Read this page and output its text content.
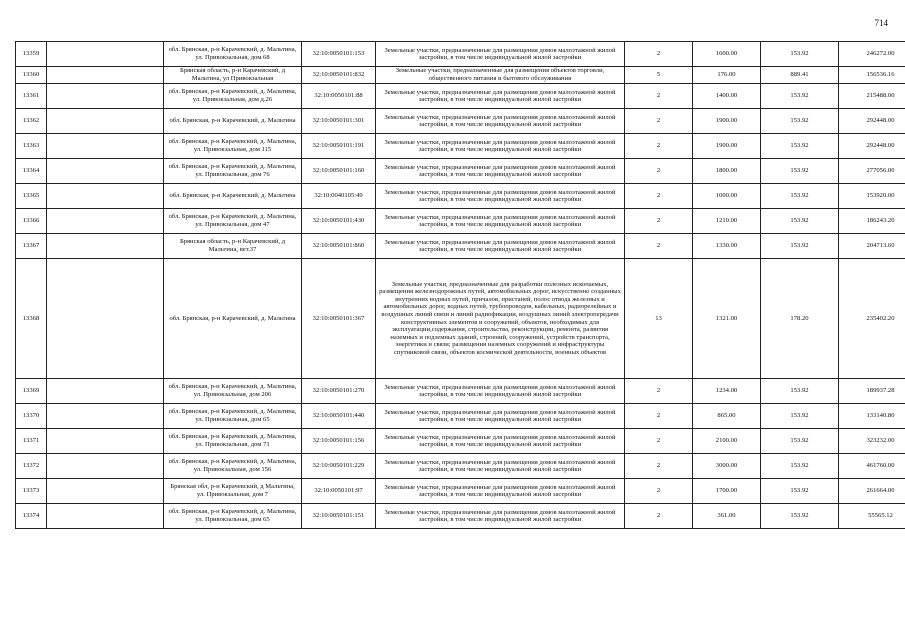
714
13359		обл. Брянская, р-н Карачевский, д. Мальтина, ул. Привокзальная, дом 68	32:10:0050101:153	Земельные участки, предназначенные для размещения домов малоэтажной жилой застройки, в том числе индивидуальной жилой застройки	2	1600.00	153.92	246272.00
13360		Брянская область, р-н Карачевский, д Мальтина, ул Привокзальная	32:10:0050101:832	Земельные участки, предназначенные для размещения объектов торговли, общественного питания и бытового обслуживания	5	176.00	889.41	156536.16
13361		обл. Брянская, р-н Карачевский, д. Мальтина, ул. Привокзальная, дом д.26	32:10:0050101:88	Земельные участки, предназначенные для размещения домов малоэтажной жилой застройки, в том числе индивидуальной жилой застройки	2	1400.00	153.92	215488.00
13362		обл. Брянская, р-н Карачевский, д. Мальтина	32:10:0050101:301	Земельные участки, предназначенные для размещения домов малоэтажной жилой застройки, в том числе индивидуальной жилой застройки	2	1900.00	153.92	292448.00
13363		обл. Брянская, р-н Карачевский, д. Мальтина, ул. Привокзальная, дом 115	32:10:0050101:191	Земельные участки, предназначенные для размещения домов малоэтажной жилой застройки, в том числе индивидуальной жилой застройки	2	1900.00	153.92	292448.00
13364		обл. Брянская, р-н Карачевский, д. Мальтина, ул. Привокзальная, дом 76	32:10:0050101:160	Земельные участки, предназначенные для размещения домов малоэтажной жилой застройки, в том числе индивидуальной жилой застройки	2	1800.00	153.92	277056.00
13365		обл. Брянская, р-н Карачевский, д. Мальтина	32:10:0040105:49	Земельные участки, предназначенные для размещения домов малоэтажной жилой застройки, в том числе индивидуальной жилой застройки	2	1000.00	153.92	153920.00
13366		обл. Брянская, р-н Карачевский, д. Мальтина, ул. Привокзальная, дом 47	32:10:0050101:430	Земельные участки, предназначенные для размещения домов малоэтажной жилой застройки, в том числе индивидуальной жилой застройки	2	1210.00	153.92	186243.20
13367		Брянская область, р-н Карачевский, д Мальтина, вет.37	32:10:0050101:860	Земельные участки, предназначенные для размещения домов малоэтажной жилой застройки, в том числе индивидуальной жилой застройки	2	1330.00	153.92	204713.60
13368		обл. Брянская, р-н Карачевский, д. Мальтина	32:10:0050101:367	Земельные участки, предназначенные для разработки полезных ископаемых, размещения железнодорожных путей, автомобильных дорог, искусственно созданных внутренних водных путей, причалов, пристаней, полос отвода железных и автомобильных дорог, водных путей, трубопроводов, кабельных, радиорелейных и воздушных линий связи и линий радиофикации, воздушных линий электропередачи конструктивных элементов и сооружений, объектов, необходимых для эксплуатации,содержания, строительства, реконструкции, ремонта, развития наземных и подземных зданий, строений, сооружений, устройств транспорта, энергетики и связи; размещения наземных сооружений и инфраструктуры спутниковой связи, объектов космической деятельности, военных объектов	13	1321.00	178.20	235402.20
13369		обл. Брянская, р-н Карачевский, д. Мальтина, ул. Привокзальная, дом 206	32:10:0050101:270	Земельные участки, предназначенные для размещения домов малоэтажной жилой застройки, в том числе индивидуальной жилой застройки	2	1234.00	153.92	189937.28
13370		обл. Брянская, р-н Карачевский, д. Мальтина, ул. Привокзальная, дом 65	32:10:0050101:440	Земельные участки, предназначенные для размещения домов малоэтажной жилой застройки, в том числе индивидуальной жилой застройки	2	865.00	153.92	133140.80
13371		обл. Брянская, р-н Карачевский, д. Мальтина, ул. Привокзальная, дом 71	32:10:0050101:156	Земельные участки, предназначенные для размещения домов малоэтажной жилой застройки, в том числе индивидуальной жилой застройки	2	2100.00	153.92	323232.00
13372		обл. Брянская, р-н Карачевский, д. Мальтина, ул. Привокзальная, дом 156	32:10:0050101:229	Земельные участки, предназначенные для размещения домов малоэтажной жилой застройки, в том числе индивидуальной жилой застройки	2	3000.00	153.92	461760.00
13373		Брянская обл, р-н Карачевский, д Мальтина, ул. Привокзальная, дом 7	32:10:0050101:97	Земельные участки, предназначенные для размещения домов малоэтажной жилой застройки, в том числе индивидуальной жилой застройки	2	1700.00	153.92	261664.00
13374		обл. Брянская, р-н Карачевский, д. Мальтина, ул. Привокзальная, дом 65	32:10:0050101:151	Земельные участки, предназначенные для размещения домов малоэтажной жилой застройки, в том числе индивидуальной жилой застройки	2	361.00	153.92	55565.12
